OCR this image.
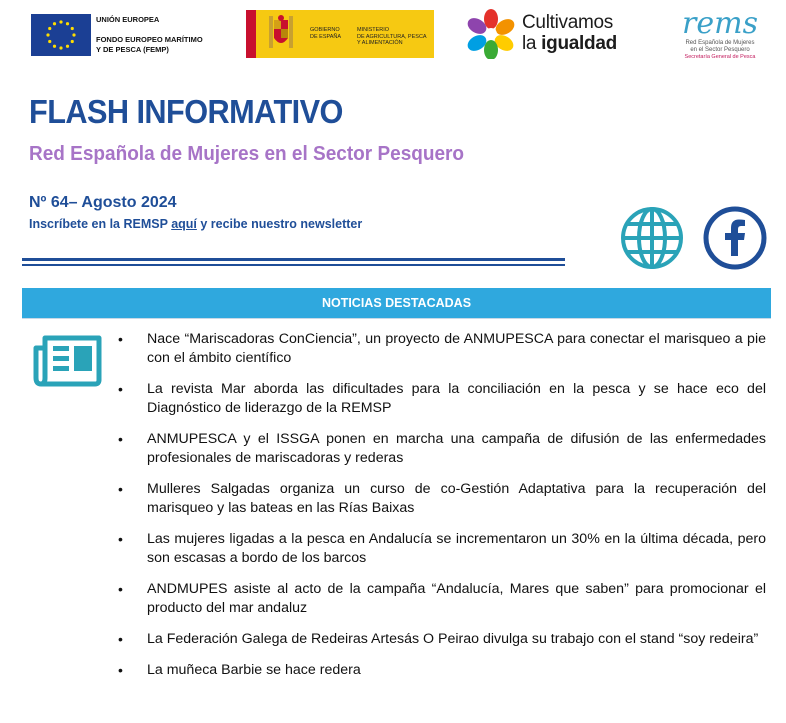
UNIÓN EUROPEA
FONDO EUROPEO MARÍTIMO
Y DE PESCA (FEMP)
GOBIERNO
DE ESPAÑA
MINISTERIO
DE AGRICULTURA, PESCA
Y ALIMENTACIÓN
Cultivamos
la igualdad
rems
Red Española de Mujeres
en el Sector Pesquero
Secretaría General de Pesca
FLASH INFORMATIVO
Red Española de Mujeres en el Sector Pesquero
Nº 64– Agosto 2024
Inscríbete en la REMSP aquí y recibe nuestro newsletter
NOTICIAS DESTACADAS
• Nace “Mariscadoras ConCiencia”, un proyecto de ANMUPESCA para conectar el marisqueo a pie con el ámbito científico
• La revista Mar aborda las dificultades para la conciliación en la pesca y se hace eco del Diagnóstico de liderazgo de la REMSP
• ANMUPESCA y el ISSGA ponen en marcha una campaña de difusión de las enfermedades profesionales de mariscadoras y rederas
• Mulleres Salgadas organiza un curso de co-Gestión Adaptativa para la recuperación del marisqueo y las bateas en las Rías Baixas
• Las mujeres ligadas a la pesca en Andalucía se incrementaron un 30% en la última década, pero son escasas a bordo de los barcos
• ANDMUPES asiste al acto de la campaña “Andalucía, Mares que saben” para promocionar el producto del mar andaluz
• La Federación Galega de Redeiras Artesás O Peirao divulga su trabajo con el stand “soy redeira”
• La muñeca Barbie se hace redera
